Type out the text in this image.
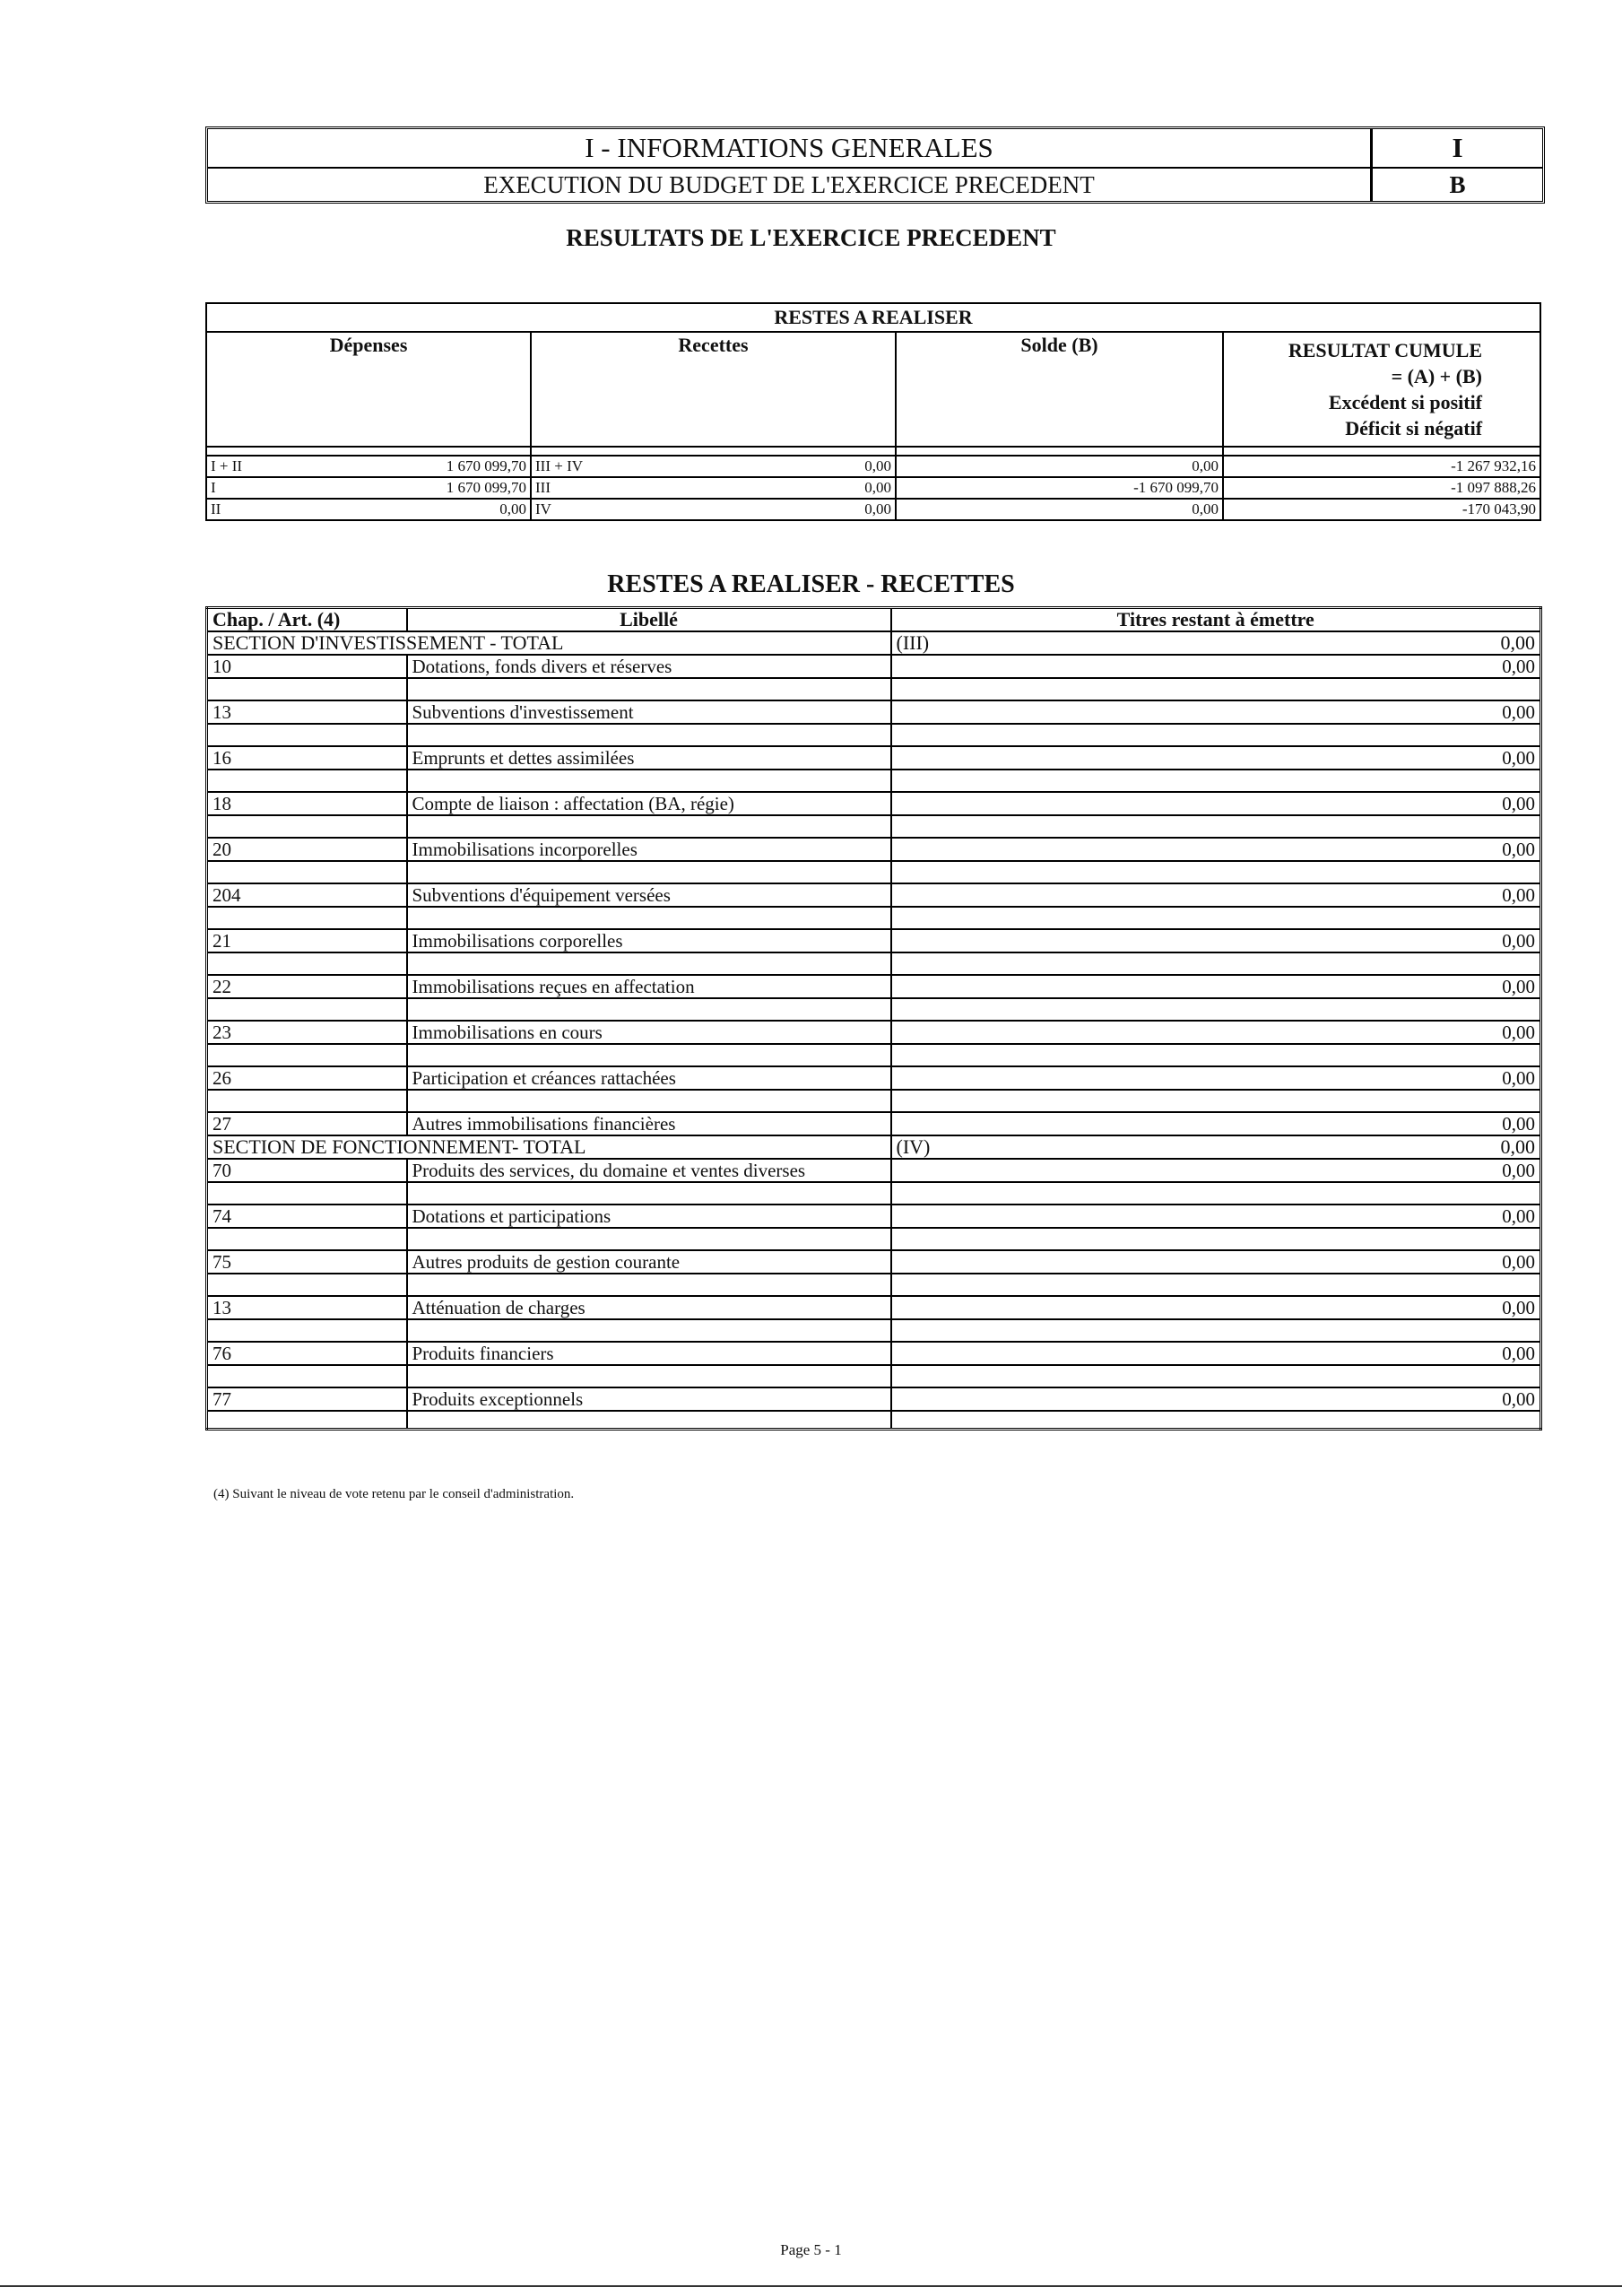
I - INFORMATIONS GENERALES	I
EXECUTION DU BUDGET DE L'EXERCICE PRECEDENT	B
RESULTATS DE L'EXERCICE PRECEDENT
RESTES A REALISER			
Dépenses	Recettes	Solde (B)	RESULTAT CUMULE
= (A) + (B)
Excédent si positif
Déficit si négatif

I + II 1 670 099,70	III + IV 0,00	0,00	-1 267 932,16

I 1 670 099,70	III 0,00	-1 670 099,70	-1 097 888,26

II 0,00	IV 0,00	0,00	-170 043,90
RESTES A REALISER - RECETTES
Chap. / Art. (4)	Libellé	Titres restant à émettre
SECTION D'INVESTISSEMENT - TOTAL		(III) 0,00

10	Dotations, fonds divers et réserves	0,00

13	Subventions d'investissement	0,00

16	Emprunts et dettes assimilées	0,00

18	Compte de liaison : affectation (BA, régie)	0,00

20	Immobilisations incorporelles	0,00

204	Subventions d'équipement versées	0,00

21	Immobilisations corporelles	0,00

22	Immobilisations reçues en affectation	0,00

23	Immobilisations en cours	0,00

26	Participation et créances rattachées	0,00

27	Autres immobilisations financières	0,00
SECTION DE FONCTIONNEMENT- TOTAL		(IV) 0,00

70	Produits des services, du domaine et ventes diverses	0,00

74	Dotations et participations	0,00

75	Autres produits de gestion courante	0,00

13	Atténuation de charges	0,00

76	Produits financiers	0,00

77	Produits exceptionnels	0,00

(4) Suivant le niveau de vote retenu par le conseil d'administration.
Page 5 - 1
